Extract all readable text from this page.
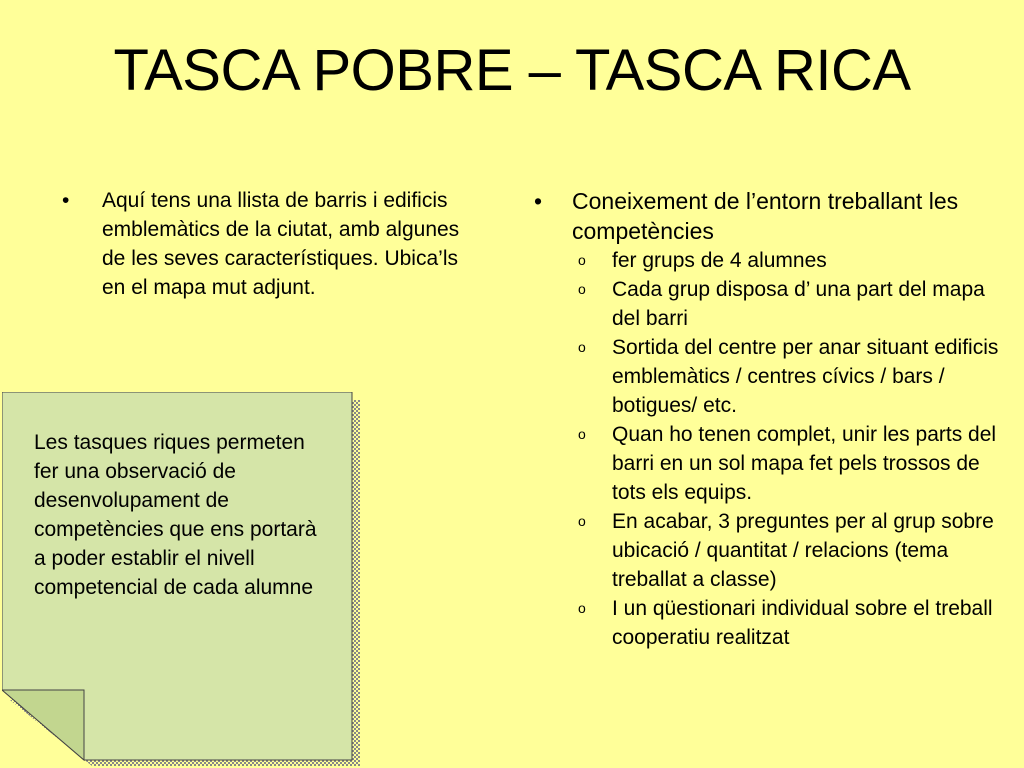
TASCA POBRE – TASCA RICA
•	Aquí tens una llista de barris i edificis emblemàtics de la ciutat, amb algunes de les seves característiques. Ubica’ls en el mapa mut adjunt.
•	Coneixement de l’entorn treballant les competències
o	fer grups de 4 alumnes
o	Cada grup disposa d’ una part del mapa del barri
o	Sortida del centre per anar situant edificis emblemàtics / centres cívics / bars / botigues/ etc.
o	Quan ho tenen complet, unir les parts del barri en un sol mapa fet pels trossos de tots els equips.
o	En acabar, 3 preguntes per al grup sobre ubicació / quantitat / relacions (tema treballat a classe)
o	I un qüestionari individual sobre el treball cooperatiu realitzat
Les tasques riques permeten fer una observació de desenvolupament de competències que ens portarà a poder establir el nivell competencial de cada alumne
